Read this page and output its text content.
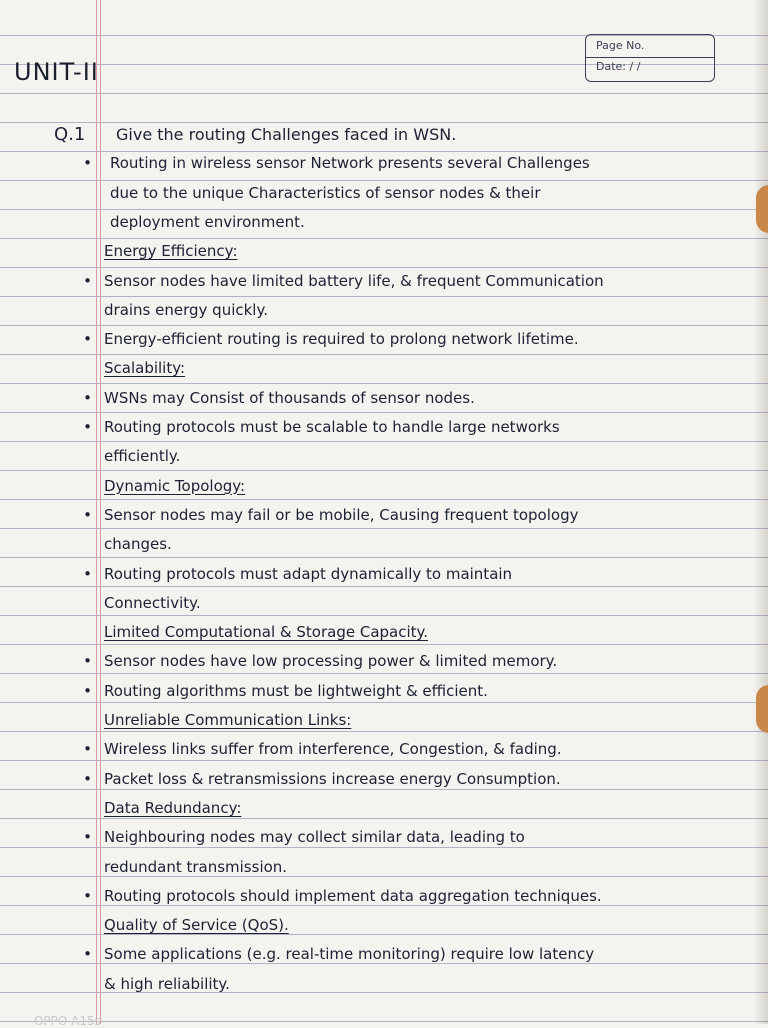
Page No.
Date: / /
UNIT-II
Q.1 Give the routing Challenges faced in WSN.
• Routing in wireless sensor Network presents several Challenges
due to the unique Characteristics of sensor nodes & their
deployment environment.
Energy Efficiency:
• Sensor nodes have limited battery life, & frequent Communication
drains energy quickly.
• Energy-efficient routing is required to prolong network lifetime.
Scalability:
• WSNs may Consist of thousands of sensor nodes.
• Routing protocols must be scalable to handle large networks
efficiently.
Dynamic Topology:
• Sensor nodes may fail or be mobile, Causing frequent topology
changes.
• Routing protocols must adapt dynamically to maintain
Connectivity.
Limited Computational & Storage Capacity.
• Sensor nodes have low processing power & limited memory.
• Routing algorithms must be lightweight & efficient.
Unreliable Communication Links:
• Wireless links suffer from interference, Congestion, & fading.
• Packet loss & retransmissions increase energy Consumption.
Data Redundancy:
• Neighbouring nodes may collect similar data, leading to
redundant transmission.
• Routing protocols should implement data aggregation techniques.
Quality of Service (QoS).
• Some applications (e.g. real-time monitoring) require low latency
& high reliability.
OPPO A15s
